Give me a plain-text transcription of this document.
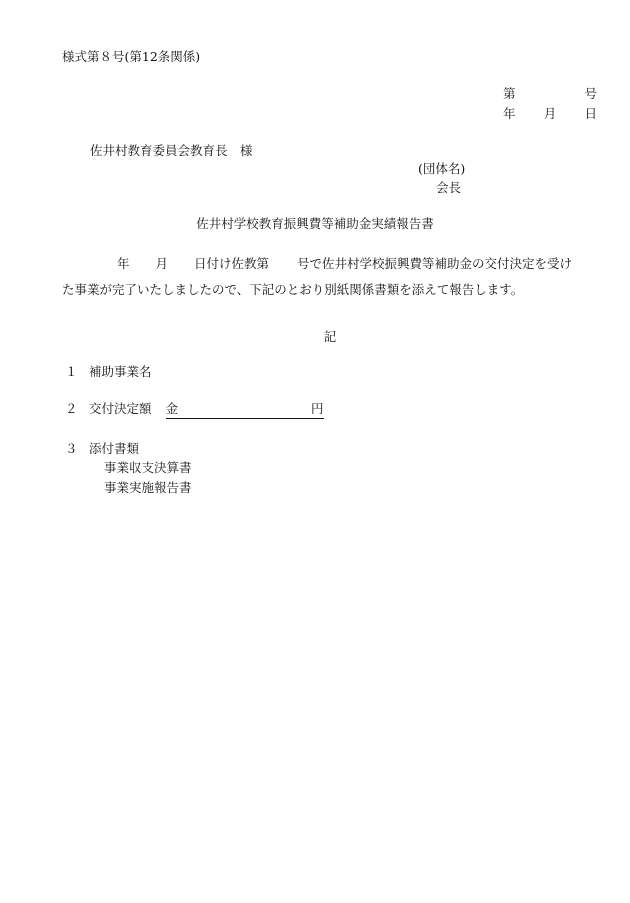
様式第８号(第12条関係)
第	号
年 月 日
佐井村教育委員会教育長　様
(団体名)
会長
佐井村学校教育振興費等補助金実績報告書
年 月 日付け佐教第 号で佐井村学校振興費等補助金の交付決定を受け
た事業が完了いたしましたので、下記のとおり別紙関係書類を添えて報告します。
記
１ 補助事業名
２ 交付決定額 金	円
３ 添付書類
事業収支決算書
事業実施報告書
